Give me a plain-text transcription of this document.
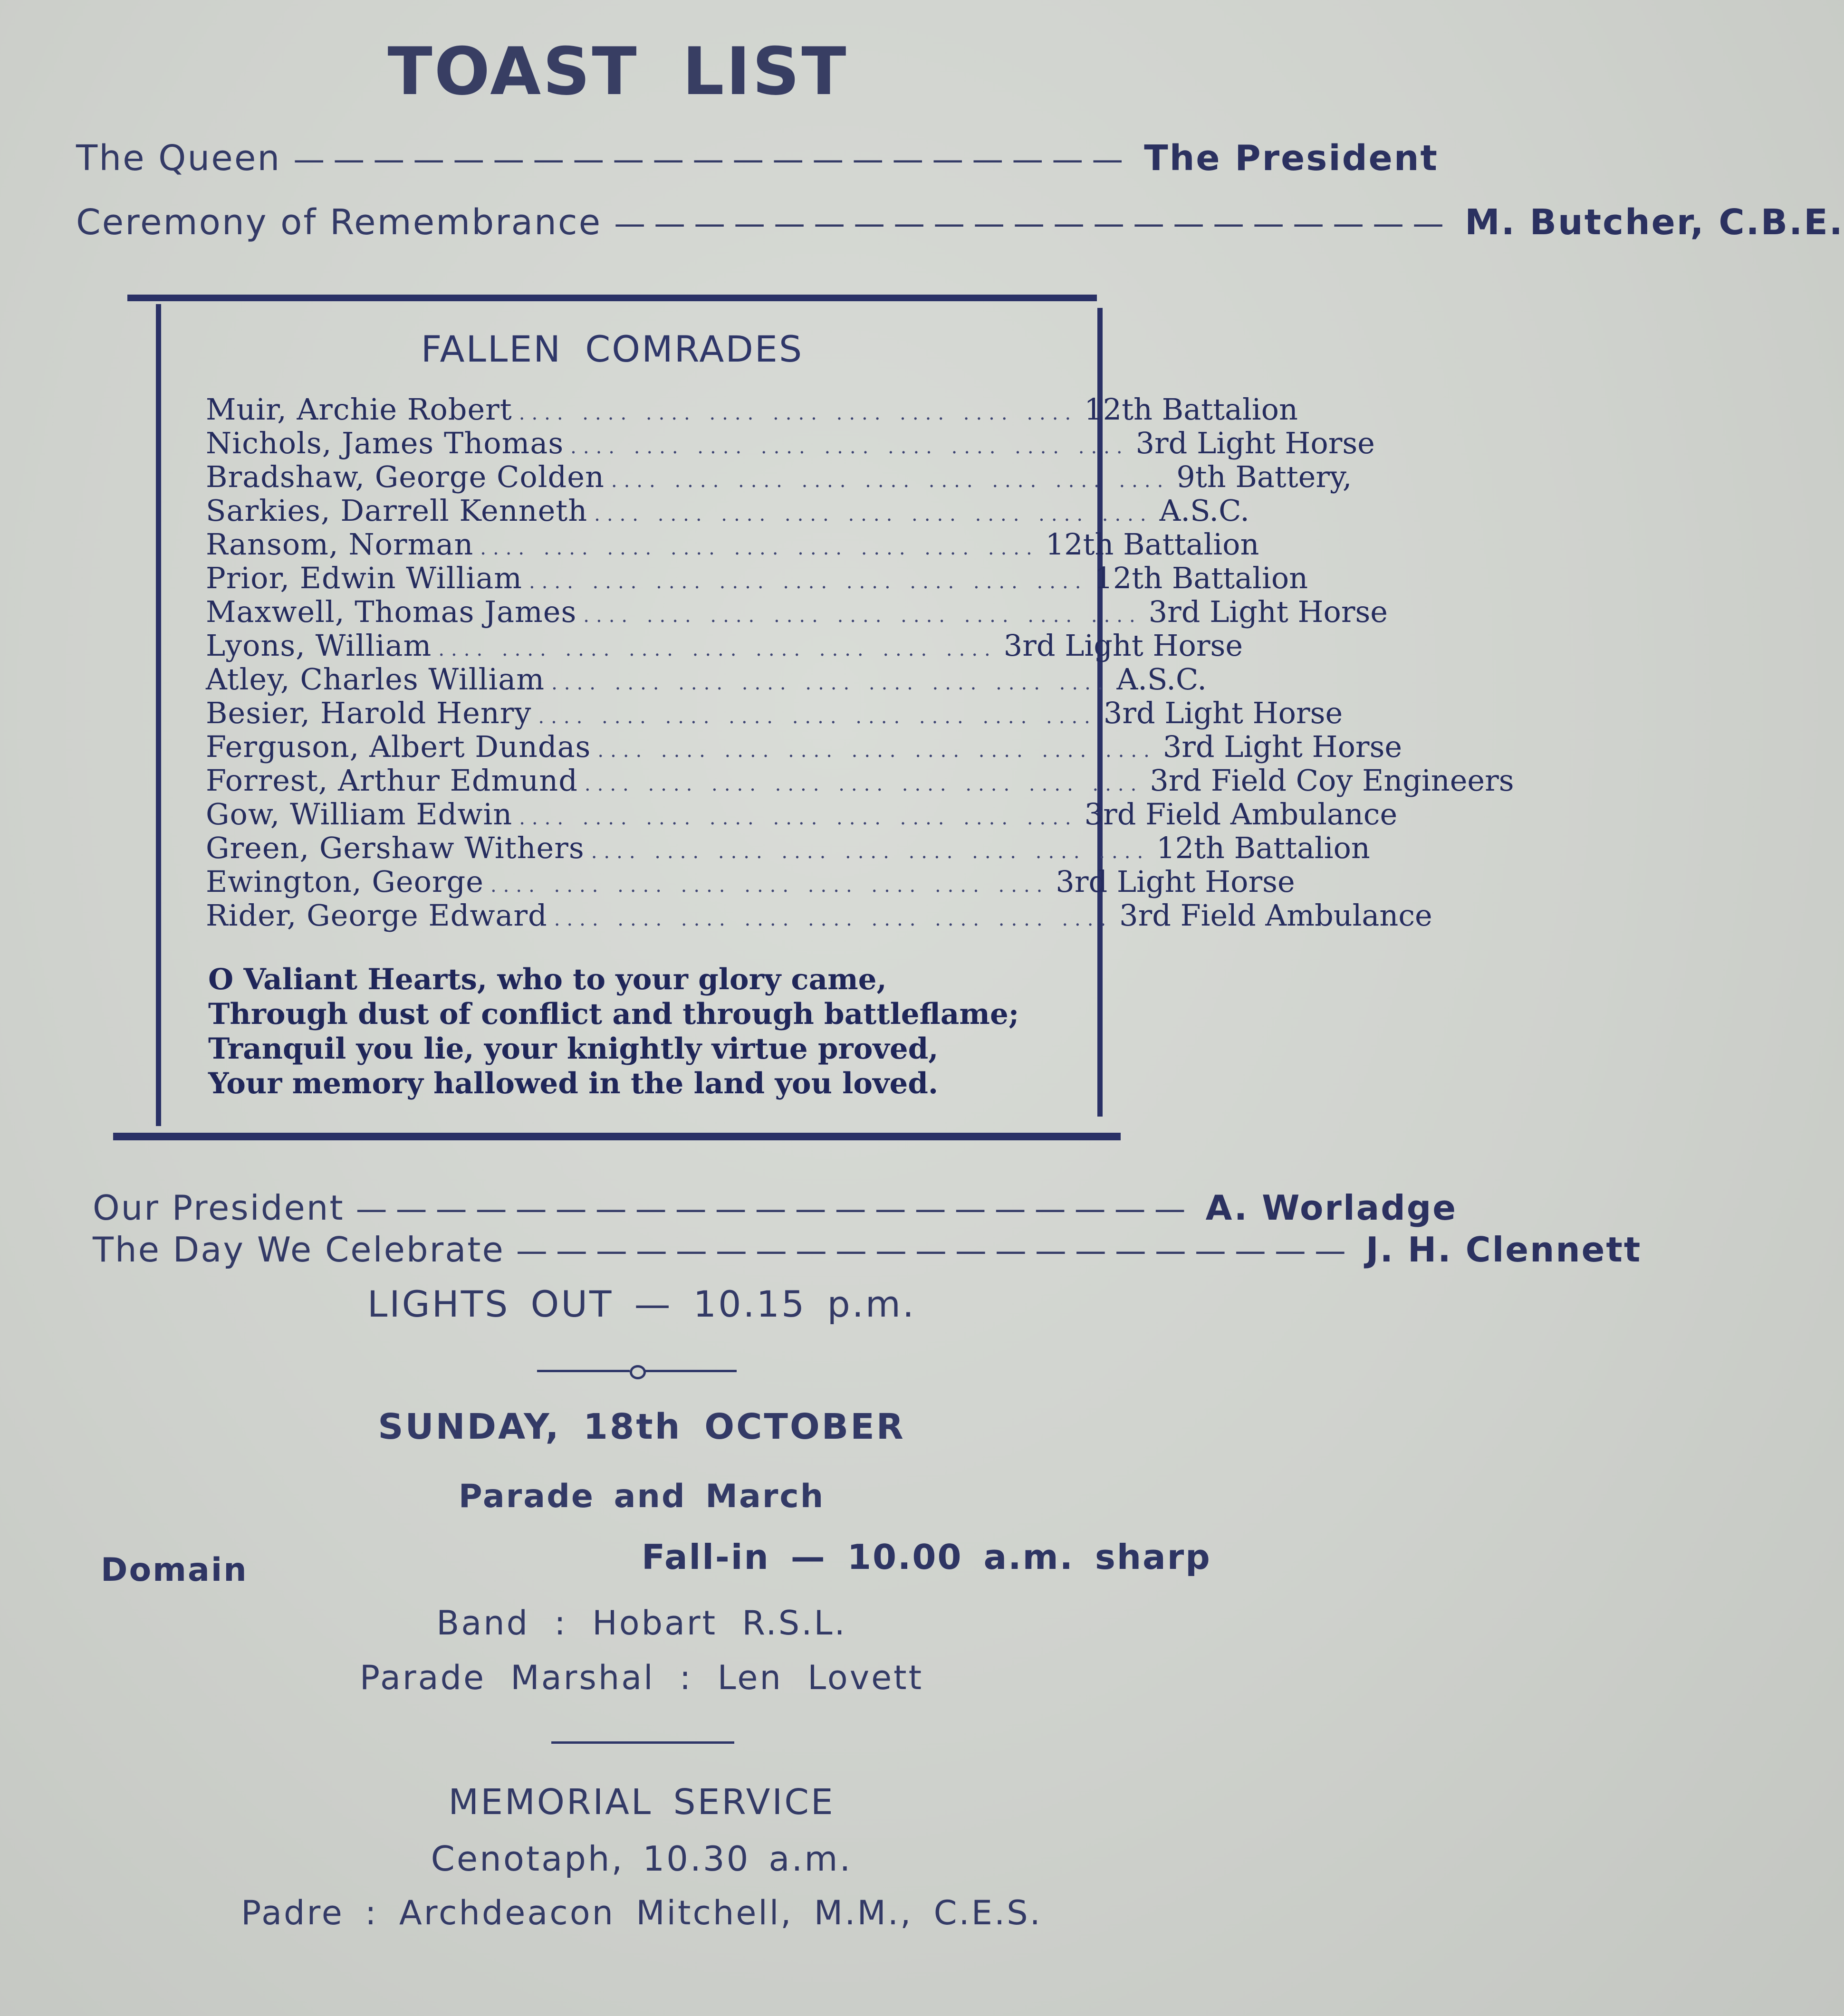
TOAST LIST
The Queen ————————————————————— The President
Ceremony of Remembrance ————————————————————— M. Butcher, C.B.E.
FALLEN COMRADES
Muir, Archie Robert .... .... .... .... .... .... .... .... .... 12th Battalion
Nichols, James Thomas .... .... .... .... .... .... .... .... .... 3rd Light Horse
Bradshaw, George Colden .... .... .... .... .... .... .... .... .... 9th Battery,
Sarkies, Darrell Kenneth .... .... .... .... .... .... .... .... .... A.S.C.
Ransom, Norman .... .... .... .... .... .... .... .... .... 12th Battalion
Prior, Edwin William .... .... .... .... .... .... .... .... .... 12th Battalion
Maxwell, Thomas James .... .... .... .... .... .... .... .... .... 3rd Light Horse
Lyons, William .... .... .... .... .... .... .... .... .... 3rd Light Horse
Atley, Charles William .... .... .... .... .... .... .... .... .... A.S.C.
Besier, Harold Henry .... .... .... .... .... .... .... .... .... 3rd Light Horse
Ferguson, Albert Dundas .... .... .... .... .... .... .... .... .... 3rd Light Horse
Forrest, Arthur Edmund .... .... .... .... .... .... .... .... .... 3rd Field Coy Engineers
Gow, William Edwin .... .... .... .... .... .... .... .... .... 3rd Field Ambulance
Green, Gershaw Withers .... .... .... .... .... .... .... .... .... 12th Battalion
Ewington, George .... .... .... .... .... .... .... .... .... 3rd Light Horse
Rider, George Edward .... .... .... .... .... .... .... .... .... 3rd Field Ambulance
O Valiant Hearts, who to your glory came,
Through dust of conflict and through battleflame;
Tranquil you lie, your knightly virtue proved,
Your memory hallowed in the land you loved.
Our President ————————————————————— A. Worladge
The Day We Celebrate ————————————————————— J. H. Clennett
LIGHTS OUT — 10.15 p.m.
SUNDAY, 18th OCTOBER
Parade and March
Domain	Fall-in — 10.00 a.m. sharp
Band : Hobart R.S.L.
Parade Marshal : Len Lovett
MEMORIAL SERVICE
Cenotaph, 10.30 a.m.
Padre : Archdeacon Mitchell, M.M., C.E.S.
